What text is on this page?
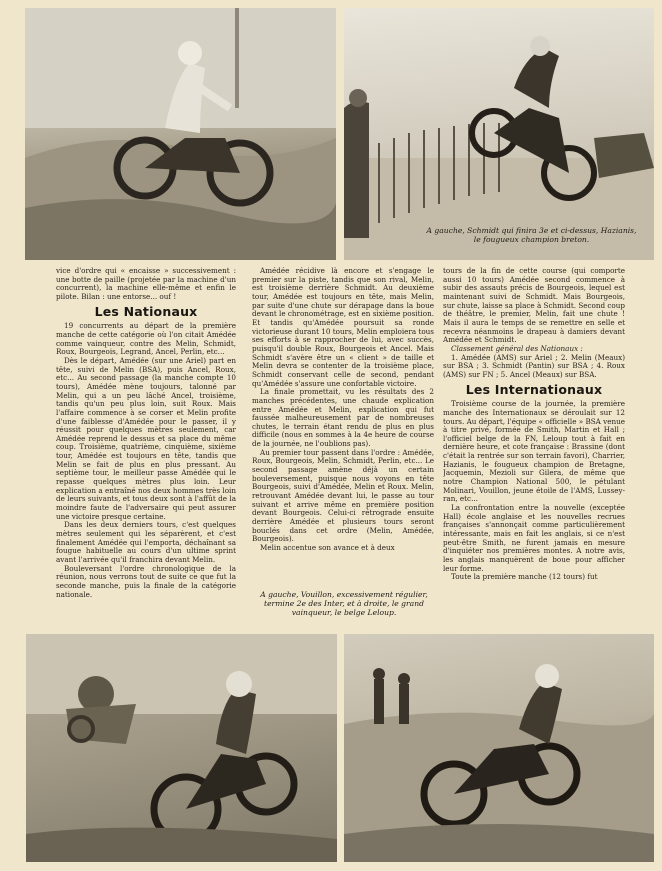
A gauche, Schmidt qui finira 3e et ci-dessus, Hazianis, le fougueux champion breton.

vice d'ordre qui « encaisse » successivement : une botte de paille (projetée par la machine d'un concurrent), la machine elle-même et enfin le pilote. Bilan : une entorse... ouf !

Les Nationaux

19 concurrents au départ de la première manche de cette catégorie où l'on citait Amédée comme vainqueur, contre des Melin, Schmidt, Roux, Bourgeois, Legrand, Ancel, Perlin, etc...

Dès le départ, Amédée (sur une Ariel) part en tête, suivi de Melin (BSA), puis Ancel, Roux, etc... Au second passage (la manche compte 10 tours), Amédée mène toujours, talonné par Melin, qui a un peu lâché Ancel, troisième, tandis qu'un peu plus loin, suit Roux. Mais l'affaire commence à se corser et Melin profite d'une faiblesse d'Amédée pour le passer, il y réussit pour quelques mètres seulement, car Amédée reprend le dessus et sa place du même coup. Troisième, quatrième, cinquième, sixième tour, Amédée est toujours en tête, tandis que Melin se fait de plus en plus pressant. Au septième tour, le meilleur passe Amédée qui le repasse quelques mètres plus loin. Leur explication a entraîné nos deux hommes très loin de leurs suivants, et tous deux sont à l'affût de la moindre faute de l'adversaire qui peut assurer une victoire presque certaine.

Dans les deux derniers tours, c'est quelques mètres seulement qui les séparèrent, et c'est finalement Amédée qui l'emporta, déchaînant sa fougue habituelle au cours d'un ultime sprint avant l'arrivée qu'il franchira devant Melin.

Bouleversant l'ordre chronologique de la réunion, nous verrons tout de suite ce que fut la seconde manche, puis la finale de la catégorie nationale.

Amédée récidive là encore et s'engage le premier sur la piste, tandis que son rival, Melin, est troisième derrière Schmidt. Au deuxième tour, Amédée est toujours en tête, mais Melin, par suite d'une chute sur dérapage dans la boue devant le chronométrage, est en sixième position. Et tandis qu'Amédée poursuit sa ronde victorieuse durant 10 tours, Melin emploiera tous ses efforts à se rapprocher de lui, avec succès, puisqu'il double Roux, Bourgeois et Ancel. Mais Schmidt s'avère être un « client » de taille et Melin devra se contenter de la troisième place, Schmidt conservant celle de second, pendant qu'Amédée s'assure une confortable victoire.

La finale promettait, vu les résultats des 2 manches précédentes, une chaude explication entre Amédée et Melin, explication qui fut faussée malheureusement par de nombreuses chutes, le terrain étant rendu de plus en plus difficile (nous en sommes à la 4e heure de course de la journée, ne l'oublions pas).

Au premier tour passent dans l'ordre : Amédée, Roux, Bourgeois, Melin, Schmidt, Perlin, etc... Le second passage amène déjà un certain bouleversement, puisque nous voyons en tête Bourgeois, suivi d'Amédée, Melin et Roux. Melin, retrouvant Amédée devant lui, le passe au tour suivant et arrive même en première position devant Bourgeois. Celui-ci rétrograde ensuite derrière Amédée et plusieurs tours seront bouclés dans cet ordre (Melin, Amédée, Bourgeois).

Melin accentue son avance et à deux

A gauche, Vouillon, excessivement régulier, termine 2e des Inter, et à droite, le grand vainqueur, le belge Leloup.

tours de la fin de cette course (qui comporte aussi 10 tours) Amédée second commence à subir des assauts précis de Bourgeois, lequel est maintenant suivi de Schmidt. Mais Bourgeois, sur chute, laisse sa place à Schmidt. Second coup de théâtre, le premier, Melin, fait une chute ! Mais il aura le temps de se remettre en selle et recevra néanmoins le drapeau à damiers devant Amédée et Schmidt.

Classement général des Nationaux :

1. Amédée (AMS) sur Ariel ; 2. Melin (Meaux) sur BSA ; 3. Schmidt (Pantin) sur BSA ; 4. Roux (AMS) sur FN ; 5. Ancel (Meaux) sur BSA.

Les Internationaux

Troisième course de la journée, la première manche des Internationaux se déroulait sur 12 tours. Au départ, l'équipe « officielle » BSA venue à titre privé, formée de Smith, Martin et Hall ; l'officiel belge de la FN, Leloup tout à fait en dernière heure, et cote française : Brassine (dont c'était la rentrée sur son terrain favori), Charrier, Hazianis, le fougueux champion de Bretagne, Jacquemin, Mezioli sur Gilera, de même que notre Champion National 500, le pétulant Molinari, Vouillon, jeune étoile de l'AMS, Lussey-ran, etc...

La confrontation entre la nouvelle (exceptée Hall) école anglaise et les nouvelles recrues françaises s'annonçait comme particulièrement intéressante, mais en fait les anglais, si ce n'est peut-être Smith, ne furent jamais en mesure d'inquiéter nos premières montes. A notre avis, les anglais manquèrent de boue pour afficher leur forme.

Toute la première manche (12 tours) fut
